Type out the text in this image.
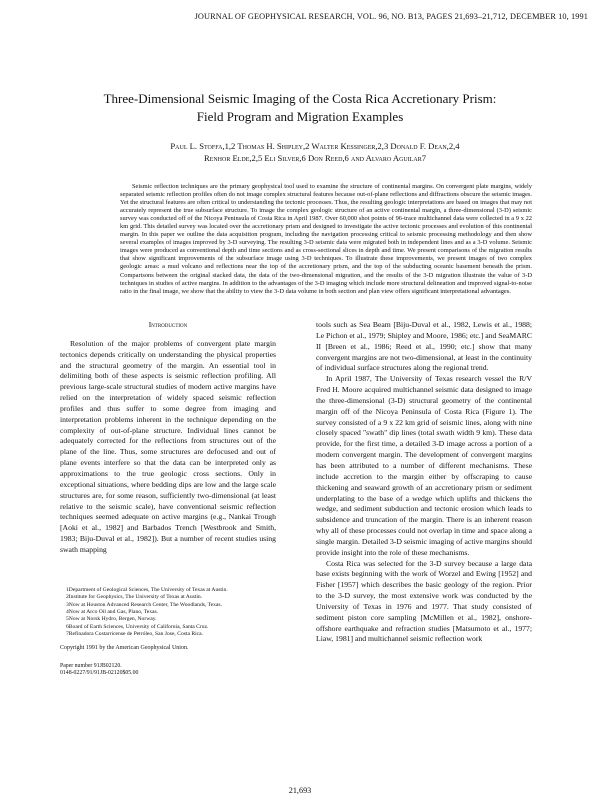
JOURNAL OF GEOPHYSICAL RESEARCH, VOL. 96, NO. B13, PAGES 21,693–21,712, DECEMBER 10, 1991
Three-Dimensional Seismic Imaging of the Costa Rica Accretionary Prism:
Field Program and Migration Examples
Paul L. Stoffa,1,2 Thomas H. Shipley,2 Walter Kessinger,2,3 Donald F. Dean,2,4
Renhor Elde,2,5 Eli Silver,6 Don Reed,6 and Alvaro Aguilar7
Seismic reflection techniques are the primary geophysical tool used to examine the structure of continental margins. On convergent plate margins, widely separated seismic reflection profiles often do not image complex structural features because out-of-plane reflections and diffractions obscure the seismic images. Yet the structural features are often critical to understanding the tectonic processes. Thus, the resulting geologic interpretations are based on images that may not accurately represent the true subsurface structure. To image the complex geologic structure of an active continental margin, a three-dimensional (3-D) seismic survey was conducted off of the Nicoya Peninsula of Costa Rica in April 1987. Over 60,000 shot points of 96-trace multichannel data were collected in a 9 x 22 km grid. This detailed survey was located over the accretionary prism and designed to investigate the active tectonic processes and evolution of this continental margin. In this paper we outline the data acquisition program, including the navigation processing critical to seismic processing methodology and then show several examples of images improved by 3-D surveying. The resulting 3-D seismic data were migrated both in independent lines and as a 3-D volume. Seismic images were produced as conventional depth and time sections and as cross-sectional slices in depth and time. We present comparisons of the migration results that show significant improvements of the subsurface image using 3-D techniques. To illustrate these improvements, we present images of two complex geologic areas: a mud volcano and reflections near the top of the accretionary prism, and the top of the subducting oceanic basement beneath the prism. Comparisons between the original stacked data, the data of the two-dimensional migration, and the results of the 3-D migration illustrate the value of 3-D techniques in studies of active margins. In addition to the advantages of the 3-D imaging which include more structural delineation and improved signal-to-noise ratio in the final image, we show that the ability to view the 3-D data volume in both section and plan view offers significant interpretational advantages.
Introduction

Resolution of the major problems of convergent plate margin tectonics depends critically on understanding the physical properties and the structural geometry of the margin. An essential tool in delimiting both of these aspects is seismic reflection profiling. All previous large-scale structural studies of modern active margins have relied on the interpretation of widely spaced seismic reflection profiles and thus suffer to some degree from imaging and interpretation problems inherent in the technique depending on the complexity of out-of-plane structure. Individual lines cannot be adequately corrected for the reflections from structures out of the plane of the line. Thus, some structures are defocused and out of plane events interfere so that the data can be interpreted only as approximations to the true geologic cross sections. Only in exceptional situations, where bedding dips are low and the large scale structures are, for some reason, sufficiently two-dimensional (at least relative to the seismic scale), have conventional seismic reflection techniques seemed adequate on active margins (e.g., Nankai Trough [Aoki et al., 1982] and Barbados Trench [Westbrook and Smith, 1983; Biju-Duval et al., 1982]). But a number of recent studies using swath mapping

tools such as Sea Beam [Biju-Duval et al., 1982, Lewis et al., 1988; Le Pichon et al., 1979; Shipley and Moore, 1986; etc.] and SeaMARC II [Breen et al., 1986; Reed et al., 1990; etc.] show that many convergent margins are not two-dimensional, at least in the continuity of individual surface structures along the regional trend.

In April 1987, The University of Texas research vessel the R/V Fred H. Moore acquired multichannel seismic data designed to image the three-dimensional (3-D) structural geometry of the continental margin off of the Nicoya Peninsula of Costa Rica (Figure 1). The survey consisted of a 9 x 22 km grid of seismic lines, along with nine closely spaced "swath" dip lines (total swath width 9 km). These data provide, for the first time, a detailed 3-D image across a portion of a modern convergent margin. The development of convergent margins has been attributed to a number of different mechanisms. These include accretion to the margin either by offscraping to cause thickening and seaward growth of an accretionary prism or sediment underplating to the base of a wedge which uplifts and thickens the wedge, and sediment subduction and tectonic erosion which leads to subsidence and truncation of the margin. There is an inherent reason why all of these processes could not overlap in time and space along a single margin. Detailed 3-D seismic imaging of active margins should provide insight into the role of these mechanisms.

Costa Rica was selected for the 3-D survey because a large data base exists beginning with the work of Worzel and Ewing [1952] and Fisher [1957] which describes the basic geology of the region. Prior to the 3-D survey, the most extensive work was conducted by the University of Texas in 1976 and 1977. That study consisted of sediment piston core sampling [McMillen et al., 1982], onshore-offshore earthquake and refraction studies [Matsumoto et al., 1977; Liaw, 1981] and multichannel seismic reflection work

1Department of Geological Sciences, The University of Texas at Austin.

2Institute for Geophysics, The University of Texas at Austin.

3Now at Houston Advanced Research Center, The Woodlands, Texas.

4Now at Arco Oil and Gas, Plano, Texas.

5Now at Norsk Hydro, Bergen, Norway.

6Board of Earth Sciences, University of California, Santa Cruz.

7Refinadora Costarricense de Petróleo, San Jose, Costa Rica.

Copyright 1991 by the American Geophysical Union.
Paper number 91JB02120.
0148-0227/91/91JB-02120$05.00
21,693
